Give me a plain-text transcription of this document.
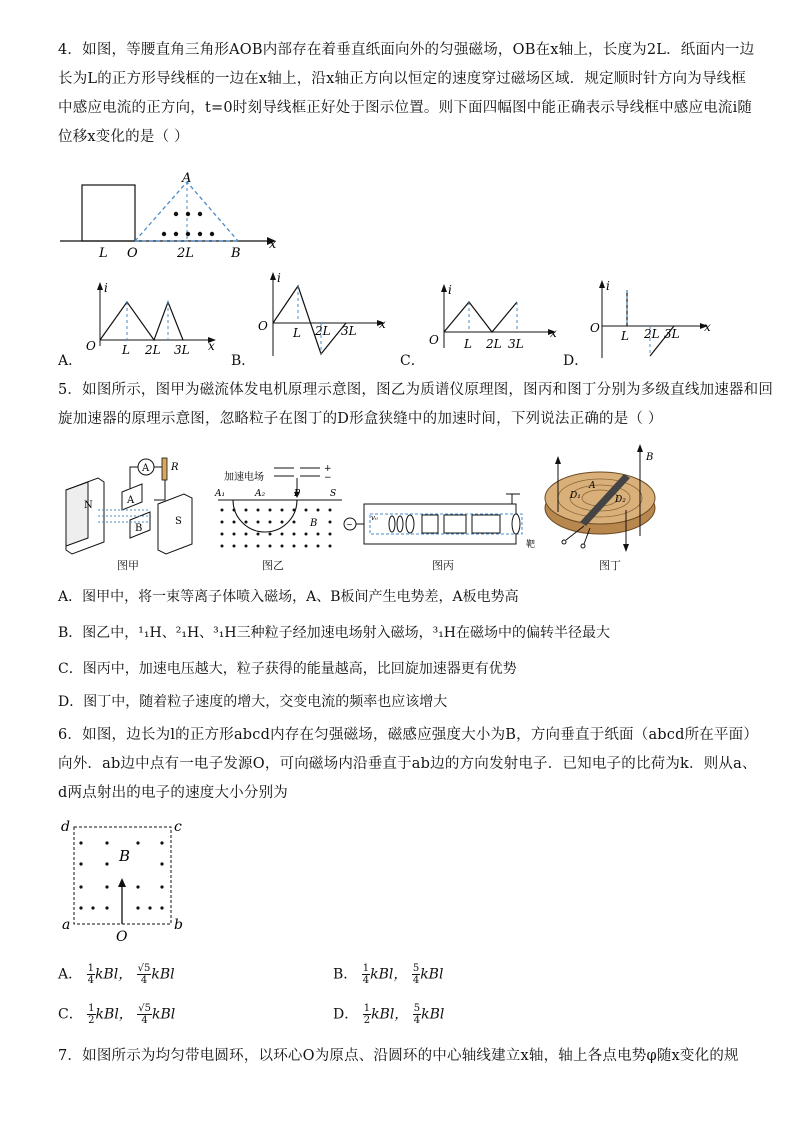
4．如图，等腰直角三角形AOB内部存在着垂直纸面向外的匀强磁场，OB在x轴上，长度为2L．纸面内一边
长为L的正方形导线框的一边在x轴上，沿x轴正方向以恒定的速度穿过磁场区域．规定顺时针方向为导线框
中感应电流的正方向，t=0时刻导线框正好处于图示位置。则下面四幅图中能正确表示导线框中感应电流i随
位移x变化的是（ ）
A
L O	2L	B
x
A．
i
O L 2L 3L x
B．
i
O L 2L 3L x
C．
i
O L 2L 3L
x
D．
i
O
L 2L 3L x
5．如图所示，图甲为磁流体发电机原理示意图，图乙为质谱仪原理图，图丙和图丁分别为多级直线加速器和回
旋加速器的原理示意图，忽略粒子在图丁的D形盒狭缝中的加速时间，下列说法正确的是（ ）
A R
N	A
B
S
图甲
加速电场
+
−
A₁	A₂	P	S
B
图乙
~
v₀
靶
图丙
B
D₁	D₂
A
图丁
A．图甲中，将一束等离子体喷入磁场，A、B板间产生电势差，A板电势高
B．图乙中，¹₁H、²₁H、³₁H三种粒子经加速电场射入磁场，³₁H在磁场中的偏转半径最大
C．图丙中，加速电压越大，粒子获得的能量越高，比回旋加速器更有优势
D．图丁中，随着粒子速度的增大，交变电流的频率也应该增大
6．如图，边长为l的正方形abcd内存在匀强磁场，磁感应强度大小为B，方向垂直于纸面（abcd所在平面）
向外．ab边中点有一电子发源O，可向磁场内沿垂直于ab边的方向发射电子．已知电子的比荷为k．则从a、
d两点射出的电子的速度大小分别为
B
d	c
a	b
O
A． $\frac{1}{4}$ kBl， $\frac{√5}{4}$ kBl	B． $\frac{1}{4}$ kBl， $\frac{5}{4}$ kBl
C． $\frac{1}{2}$ kBl， $\frac{√5}{4}$ kBl	D． $\frac{1}{2}$ kBl， $\frac{5}{4}$ kBl
7．如图所示为均匀带电圆环，以环心O为原点、沿圆环的中心轴线建立x轴，轴上各点电势φ随x变化的规
